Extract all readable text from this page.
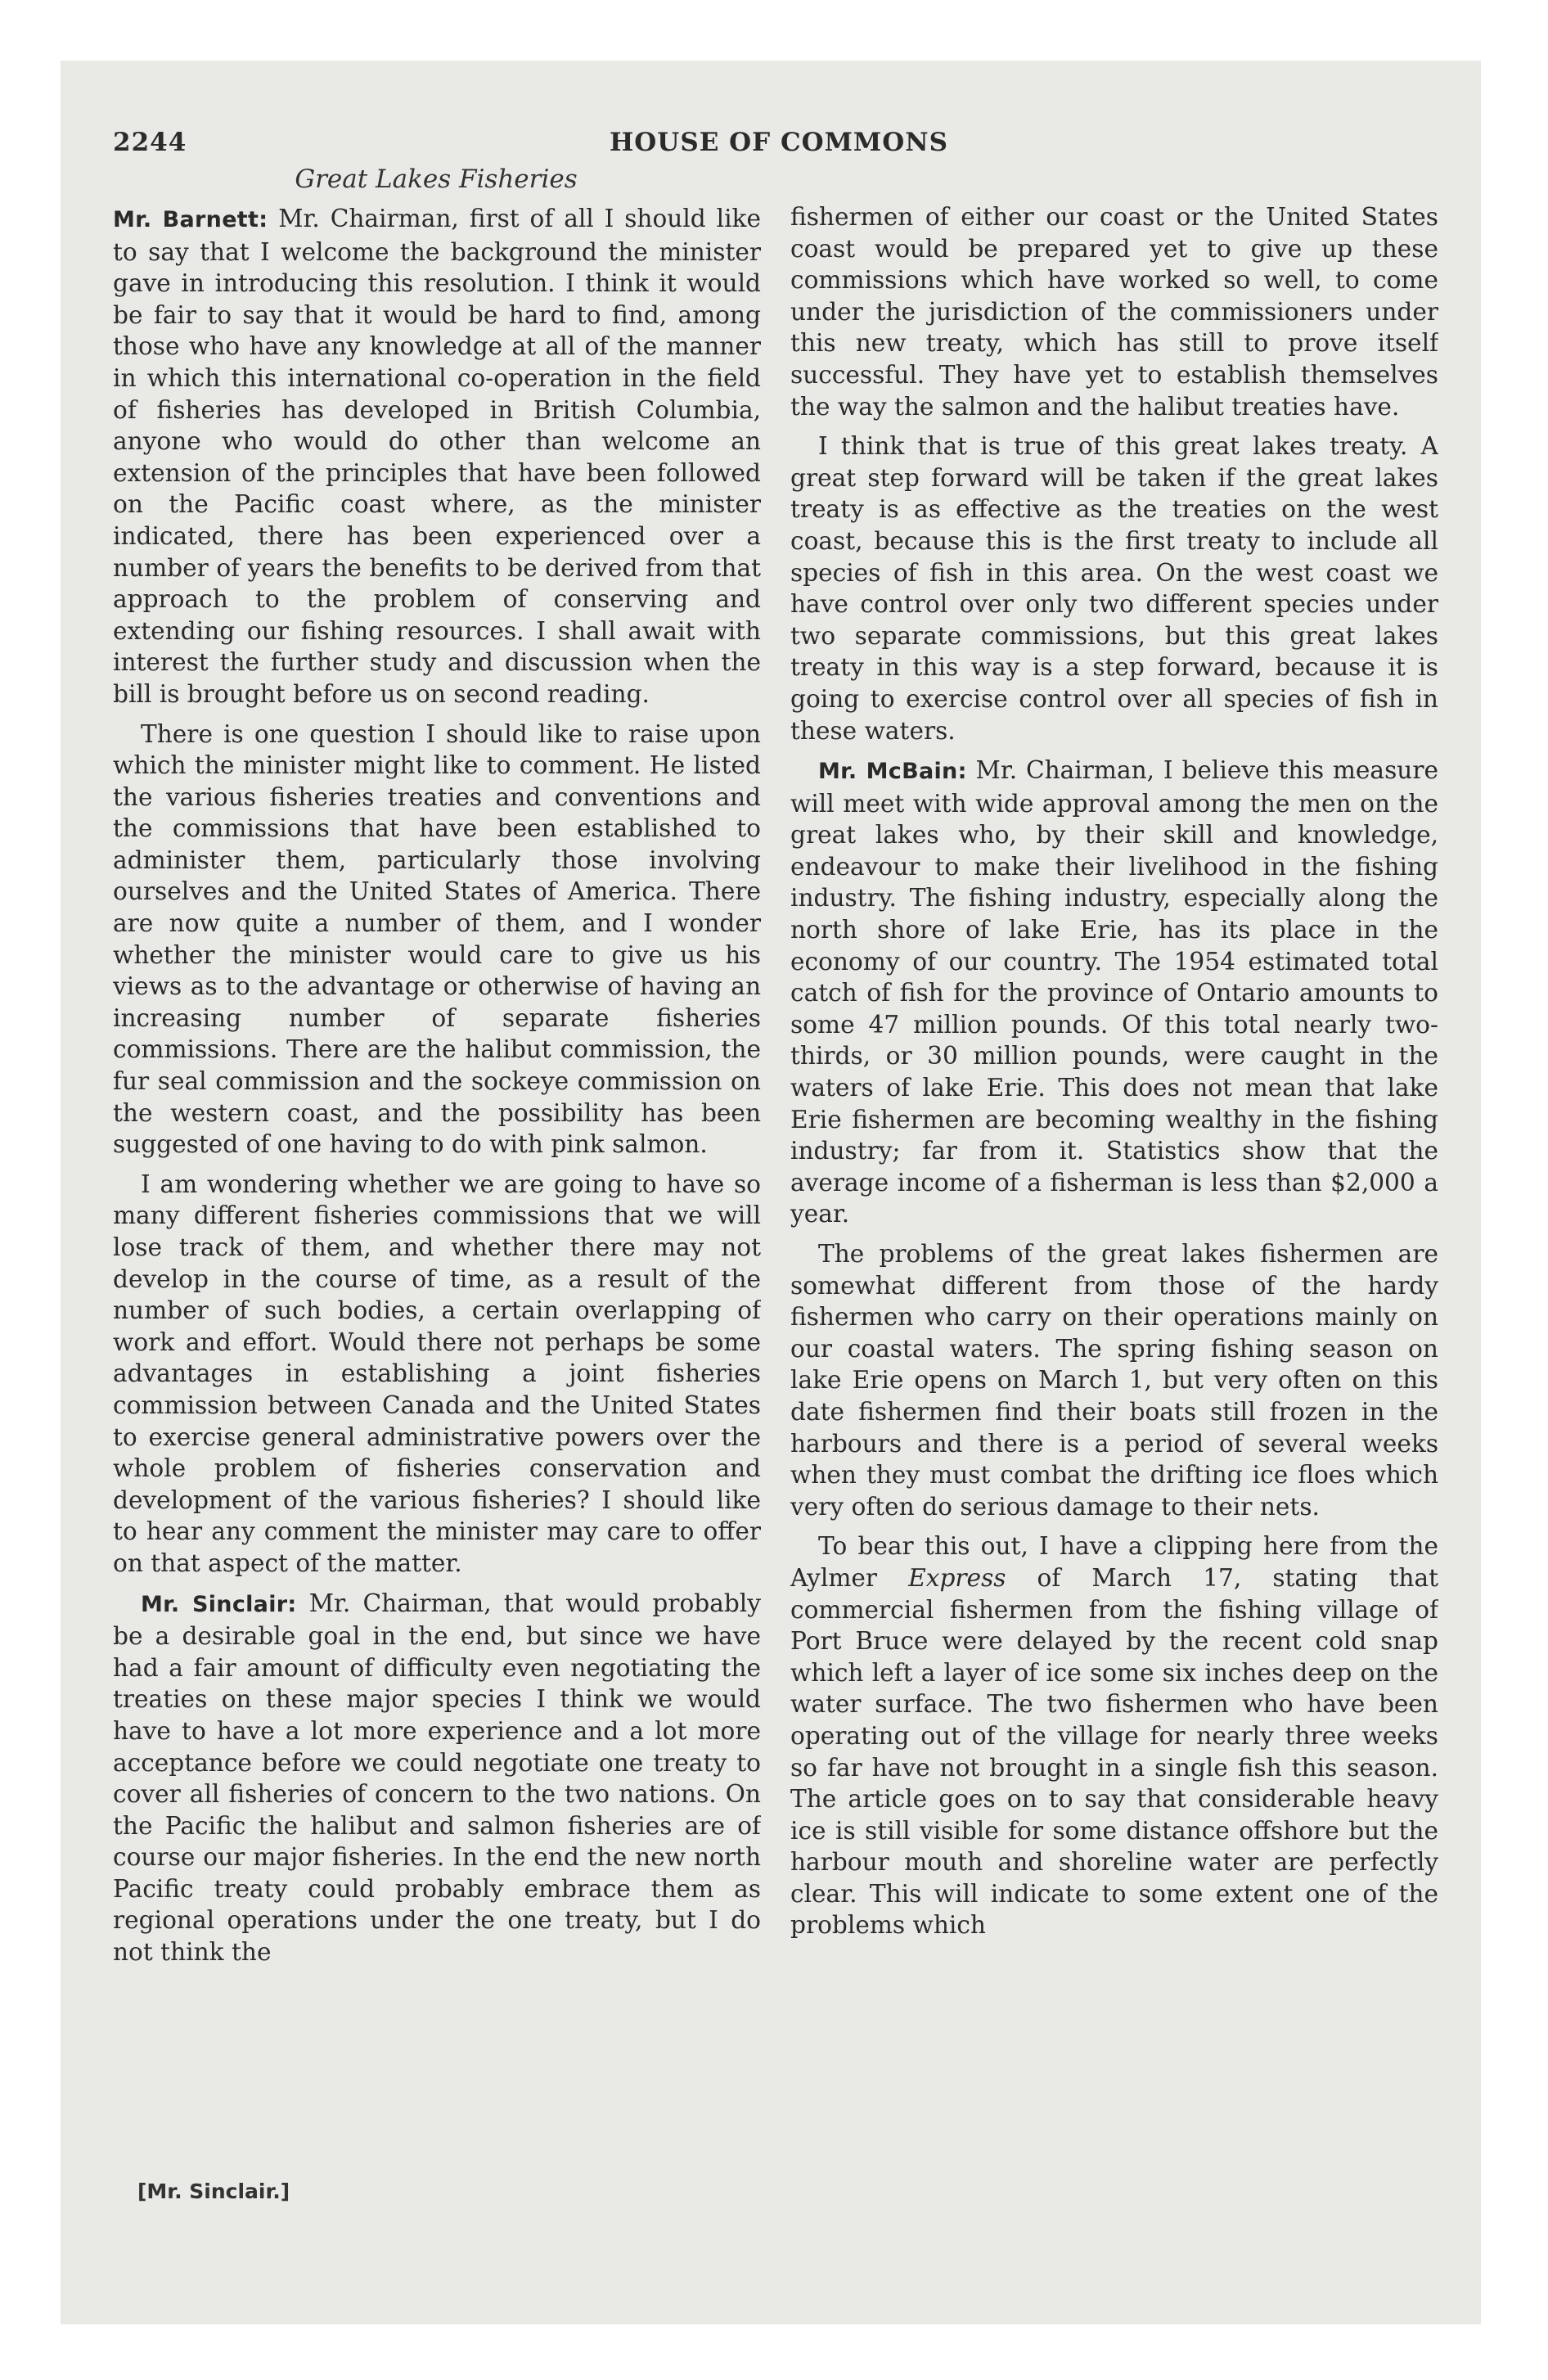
2244	HOUSE OF COMMONS
Great Lakes Fisheries

Mr. Barnett: Mr. Chairman, first of all I should like to say that I welcome the background the minister gave in introducing this resolution. I think it would be fair to say that it would be hard to find, among those who have any knowledge at all of the manner in which this international co-operation in the field of fisheries has developed in British Columbia, anyone who would do other than welcome an extension of the principles that have been followed on the Pacific coast where, as the minister indicated, there has been experienced over a number of years the benefits to be derived from that approach to the problem of conserving and extending our fishing resources. I shall await with interest the further study and discussion when the bill is brought before us on second reading.

There is one question I should like to raise upon which the minister might like to comment. He listed the various fisheries treaties and conventions and the commissions that have been established to administer them, particularly those involving ourselves and the United States of America. There are now quite a number of them, and I wonder whether the minister would care to give us his views as to the advantage or otherwise of having an increasing number of separate fisheries commissions. There are the halibut commission, the fur seal commission and the sockeye commission on the western coast, and the possibility has been suggested of one having to do with pink salmon.

I am wondering whether we are going to have so many different fisheries commissions that we will lose track of them, and whether there may not develop in the course of time, as a result of the number of such bodies, a certain overlapping of work and effort. Would there not perhaps be some advantages in establishing a joint fisheries commission between Canada and the United States to exercise general administrative powers over the whole problem of fisheries conservation and development of the various fisheries? I should like to hear any comment the minister may care to offer on that aspect of the matter.

Mr. Sinclair: Mr. Chairman, that would probably be a desirable goal in the end, but since we have had a fair amount of difficulty even negotiating the treaties on these major species I think we would have to have a lot more experience and a lot more acceptance before we could negotiate one treaty to cover all fisheries of concern to the two nations. On the Pacific the halibut and salmon fisheries are of course our major fisheries. In the end the new north Pacific treaty could probably embrace them as regional operations under the one treaty, but I do not think the

fishermen of either our coast or the United States coast would be prepared yet to give up these commissions which have worked so well, to come under the jurisdiction of the commissioners under this new treaty, which has still to prove itself successful. They have yet to establish themselves the way the salmon and the halibut treaties have.

I think that is true of this great lakes treaty. A great step forward will be taken if the great lakes treaty is as effective as the treaties on the west coast, because this is the first treaty to include all species of fish in this area. On the west coast we have control over only two different species under two separate commissions, but this great lakes treaty in this way is a step forward, because it is going to exercise control over all species of fish in these waters.

Mr. McBain: Mr. Chairman, I believe this measure will meet with wide approval among the men on the great lakes who, by their skill and knowledge, endeavour to make their livelihood in the fishing industry. The fishing industry, especially along the north shore of lake Erie, has its place in the economy of our country. The 1954 estimated total catch of fish for the province of Ontario amounts to some 47 million pounds. Of this total nearly two-thirds, or 30 million pounds, were caught in the waters of lake Erie. This does not mean that lake Erie fishermen are becoming wealthy in the fishing industry; far from it. Statistics show that the average income of a fisherman is less than $2,000 a year.

The problems of the great lakes fishermen are somewhat different from those of the hardy fishermen who carry on their operations mainly on our coastal waters. The spring fishing season on lake Erie opens on March 1, but very often on this date fishermen find their boats still frozen in the harbours and there is a period of several weeks when they must combat the drifting ice floes which very often do serious damage to their nets.

To bear this out, I have a clipping here from the Aylmer Express of March 17, stating that commercial fishermen from the fishing village of Port Bruce were delayed by the recent cold snap which left a layer of ice some six inches deep on the water surface. The two fishermen who have been operating out of the village for nearly three weeks so far have not brought in a single fish this season. The article goes on to say that considerable heavy ice is still visible for some distance offshore but the harbour mouth and shoreline water are perfectly clear. This will indicate to some extent one of the problems which

[Mr. Sinclair.]
